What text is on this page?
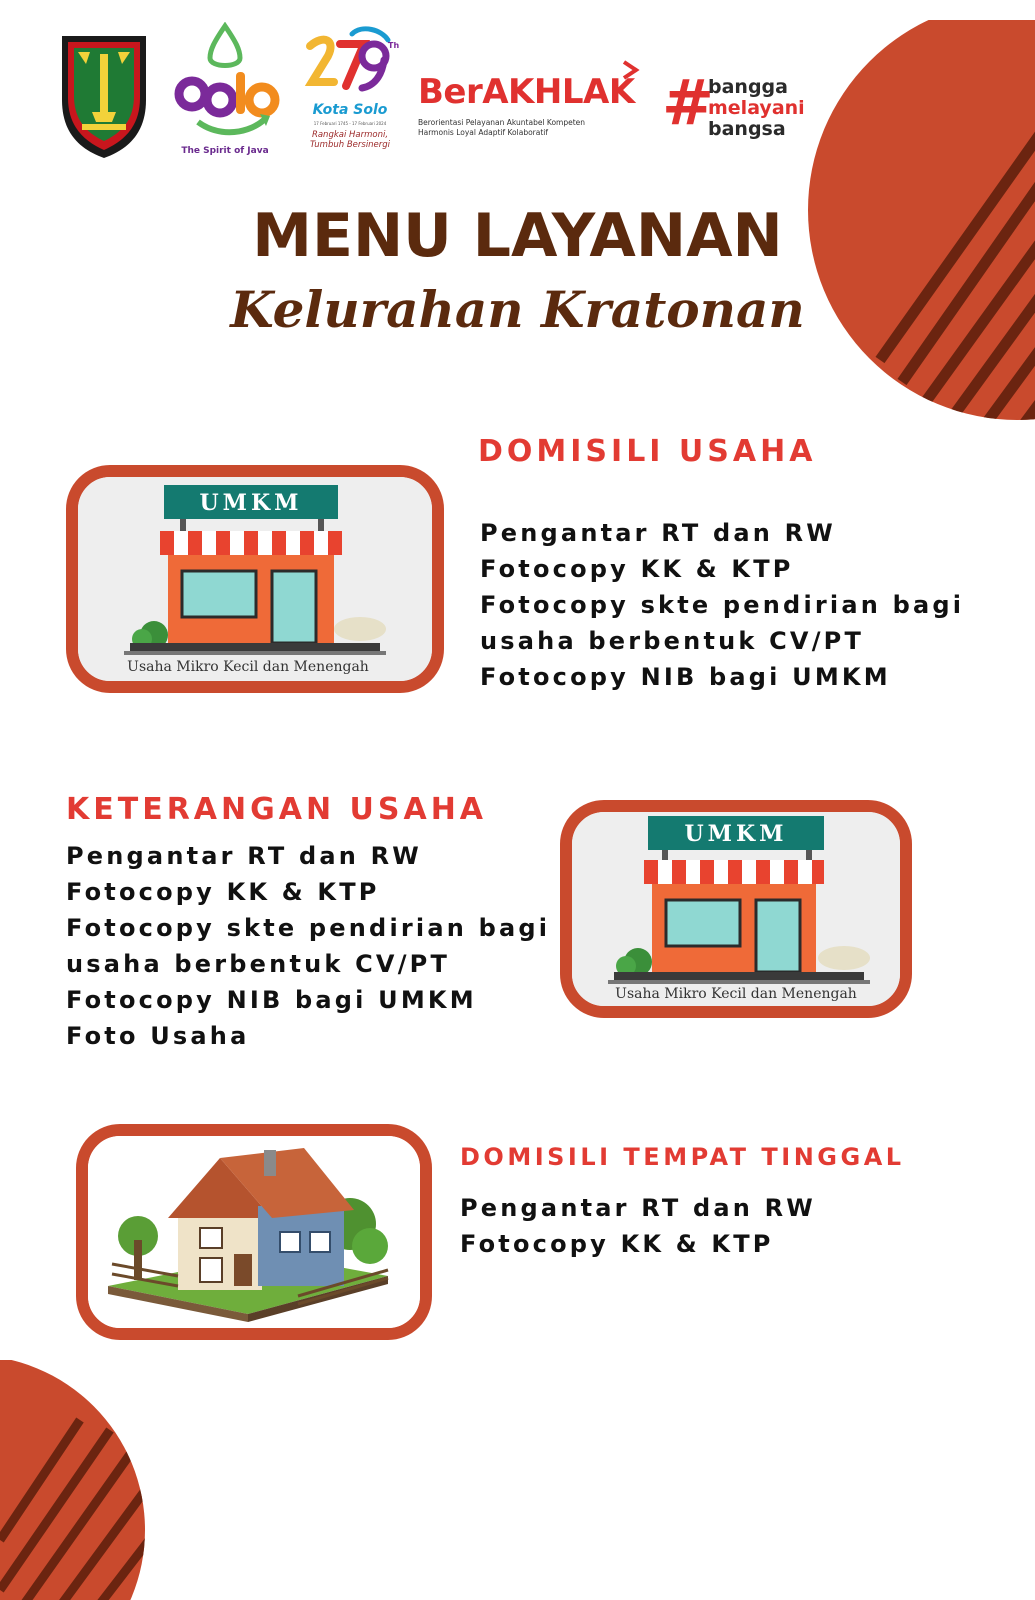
The Spirit of Java
Th
Kota Solo
17 Februari 1745 - 17 Februari 2024
Rangkai Harmoni,
Tumbuh Bersinergi
BerAKHLAK
Berorientasi Pelayanan Akuntabel Kompeten
Harmonis Loyal Adaptif Kolaboratif	#
bangga
melayani
bangsa
MENU LAYANAN
Kelurahan Kratonan
DOMISILI USAHA
UMKM
Usaha Mikro Kecil dan Menengah
Pengantar RT dan RW
Fotocopy KK & KTP
Fotocopy skte pendirian bagi
usaha berbentuk CV/PT
Fotocopy NIB bagi UMKM
KETERANGAN USAHA
Pengantar RT dan RW
Fotocopy KK & KTP
Fotocopy skte pendirian bagi
usaha berbentuk CV/PT
Fotocopy NIB bagi UMKM
Foto Usaha
UMKM
Usaha Mikro Kecil dan Menengah
DOMISILI TEMPAT TINGGAL
Pengantar RT dan RW
Fotocopy KK & KTP
